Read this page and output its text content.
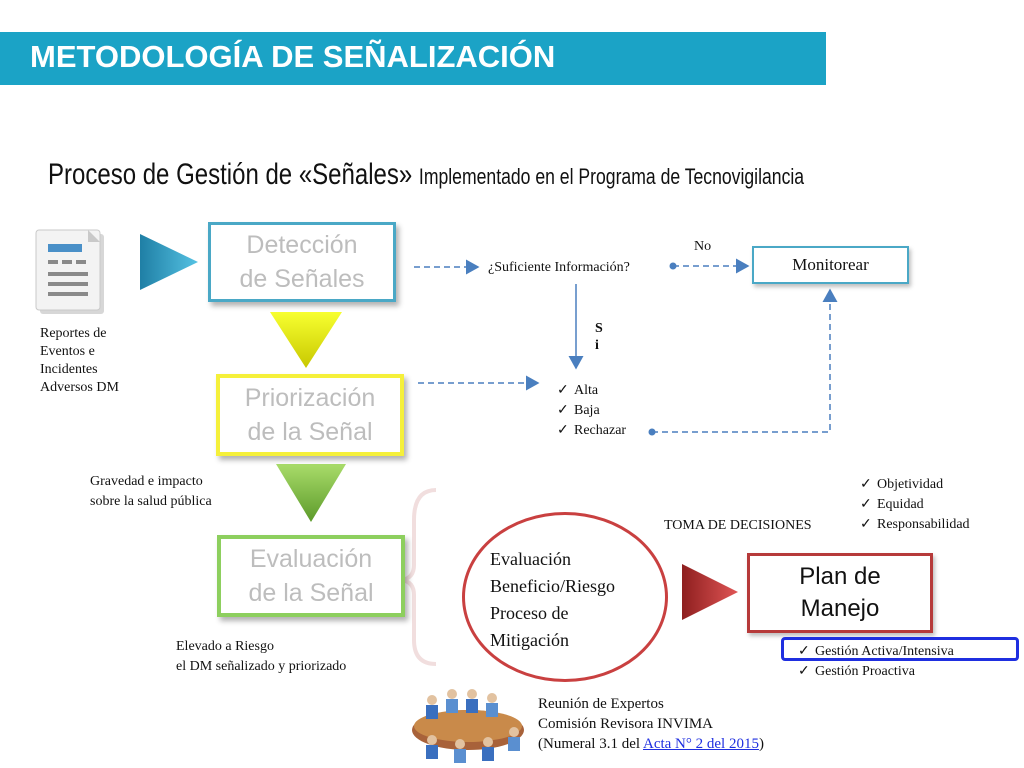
METODOLOGÍA DE SEÑALIZACIÓN
Proceso de Gestión de «Señales» Implementado en el Programa de Tecnovigilancia
Reportes de
Eventos e
Incidentes
Adversos DM
Detección
de Señales
Priorización
de la Señal
Evaluación
de la Señal
¿Suficiente Información?
No
S
i
Monitorear
✓ Alta
✓ Baja
✓ Rechazar
Gravedad e impacto
sobre la salud pública
Elevado a Riesgo
el DM señalizado y priorizado
Evaluación
Beneficio/Riesgo
Proceso de
Mitigación
TOMA DE DECISIONES
✓ Objetividad
✓ Equidad
✓ Responsabilidad
Plan de
Manejo
✓ Gestión Activa/Intensiva
✓ Gestión Proactiva
Reunión de Expertos
Comisión Revisora INVIMA
(Numeral 3.1 del Acta N° 2 del 2015)
